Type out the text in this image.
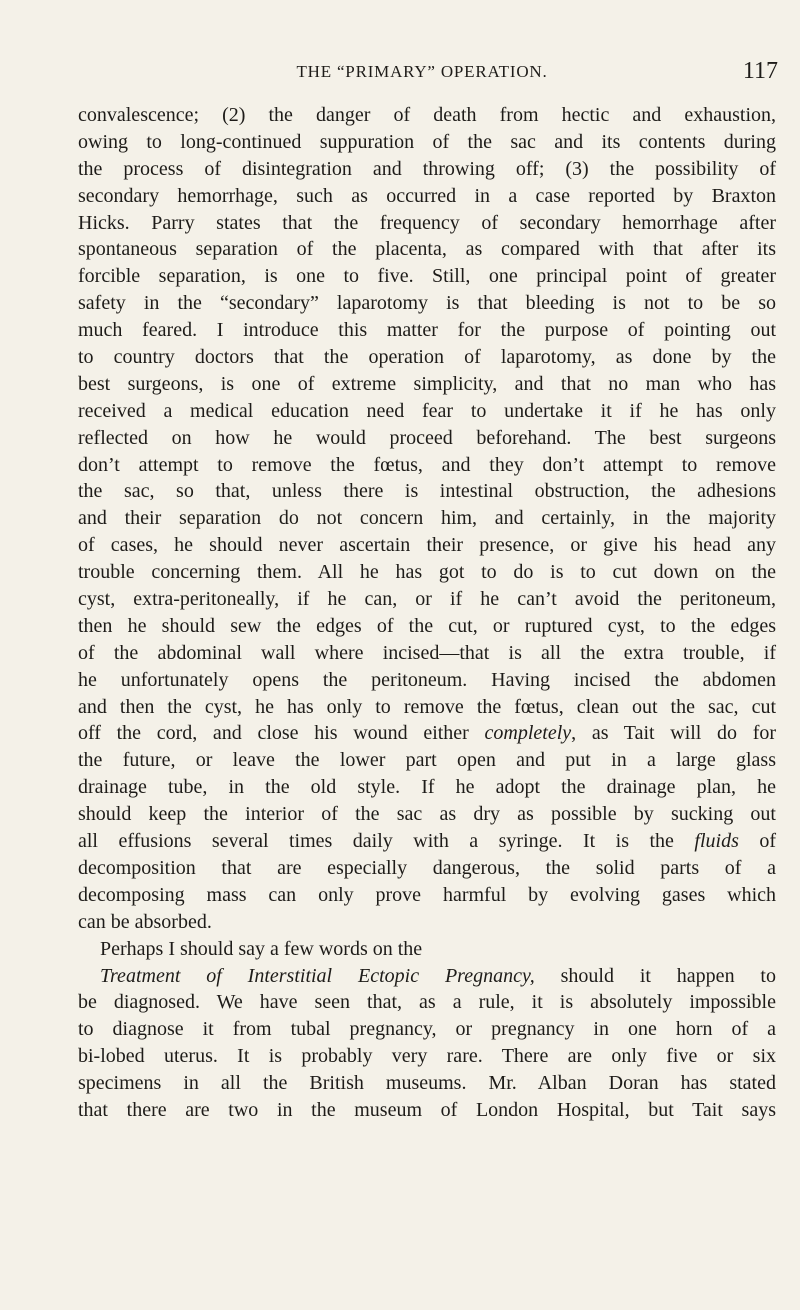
THE “PRIMARY” OPERATION.	117
convalescence; (2) the danger of death from hectic and exhaustion,
owing to long-continued suppuration of the sac and its contents during
the process of disintegration and throwing off; (3) the possibility of
secondary hemorrhage, such as occurred in a case reported by Braxton
Hicks. Parry states that the frequency of secondary hemorrhage after
spontaneous separation of the placenta, as compared with that after its
forcible separation, is one to five. Still, one principal point of greater
safety in the “secondary” laparotomy is that bleeding is not to be so
much feared. I introduce this matter for the purpose of pointing out
to country doctors that the operation of laparotomy, as done by the
best surgeons, is one of extreme simplicity, and that no man who has
received a medical education need fear to undertake it if he has only
reflected on how he would proceed beforehand. The best surgeons
don’t attempt to remove the fœtus, and they don’t attempt to remove
the sac, so that, unless there is intestinal obstruction, the adhesions
and their separation do not concern him, and certainly, in the majority
of cases, he should never ascertain their presence, or give his head any
trouble concerning them. All he has got to do is to cut down on the
cyst, extra-peritoneally, if he can, or if he can’t avoid the peritoneum,
then he should sew the edges of the cut, or ruptured cyst, to the edges
of the abdominal wall where incised—that is all the extra trouble, if
he unfortunately opens the peritoneum. Having incised the abdomen
and then the cyst, he has only to remove the fœtus, clean out the sac, cut
off the cord, and close his wound either completely, as Tait will do for
the future, or leave the lower part open and put in a large glass
drainage tube, in the old style. If he adopt the drainage plan, he
should keep the interior of the sac as dry as possible by sucking out
all effusions several times daily with a syringe. It is the fluids of
decomposition that are especially dangerous, the solid parts of a
decomposing mass can only prove harmful by evolving gases which
can be absorbed.
Perhaps I should say a few words on the
Treatment of Interstitial Ectopic Pregnancy, should it happen to
be diagnosed. We have seen that, as a rule, it is absolutely impossible
to diagnose it from tubal pregnancy, or pregnancy in one horn of a
bi-lobed uterus. It is probably very rare. There are only five or six
specimens in all the British museums. Mr. Alban Doran has stated
that there are two in the museum of London Hospital, but Tait says
